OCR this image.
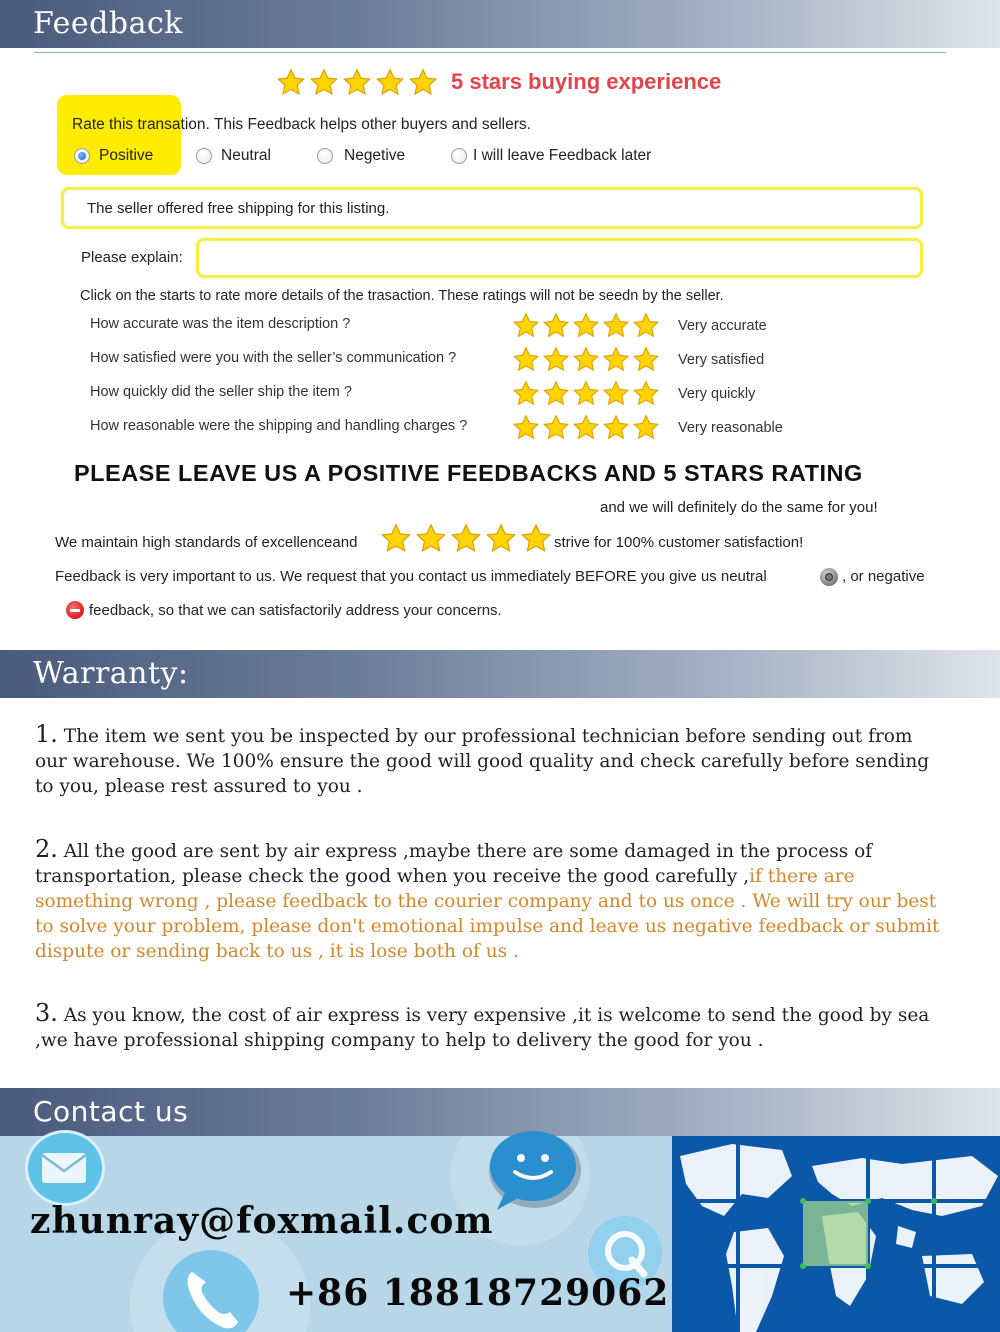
Feedback
5 stars buying experience
Rate this transation. This Feedback helps other buyers and sellers.
Positive	Neutral	Negetive	I will leave Feedback later
The seller offered free shipping for this listing.
Please explain:
Click on the starts to rate more details of the trasaction. These ratings will not be seedn by the seller.
How accurate was the item description ?	Very accurate
How satisfied were you with the seller’s communication ?	Very satisfied
How quickly did the seller ship the item ?	Very quickly
How reasonable were the shipping and handling charges ?	Very reasonable
PLEASE LEAVE US A POSITIVE FEEDBACKS AND 5 STARS RATING
and we will definitely do the same for you!
We maintain high standards of excellenceand	strive for 100% customer satisfaction!
Feedback is very important to us. We request that you contact us immediately BEFORE you give us neutral	, or negative
feedback, so that we can satisfactorily address your concerns.
Warranty:
1. The item we sent you be inspected by our professional technician before sending out from our warehouse. We 100% ensure the good will good quality and check carefully before sending to you, please rest assured to you .
2. All the good are sent by air express ,maybe there are some damaged in the process of transportation, please check the good when you receive the good carefully ,if there are something wrong , please feedback to the courier company and to us once . We will try our best to solve your problem, please don't emotional impulse and leave us negative feedback or submit dispute or sending back to us , it is lose both of us .
3. As you know, the cost of air express is very expensive ,it is welcome to send the good by sea ,we have professional shipping company to help to delivery the good for you .
Contact us
zhunray@foxmail.com
+86 18818729062
